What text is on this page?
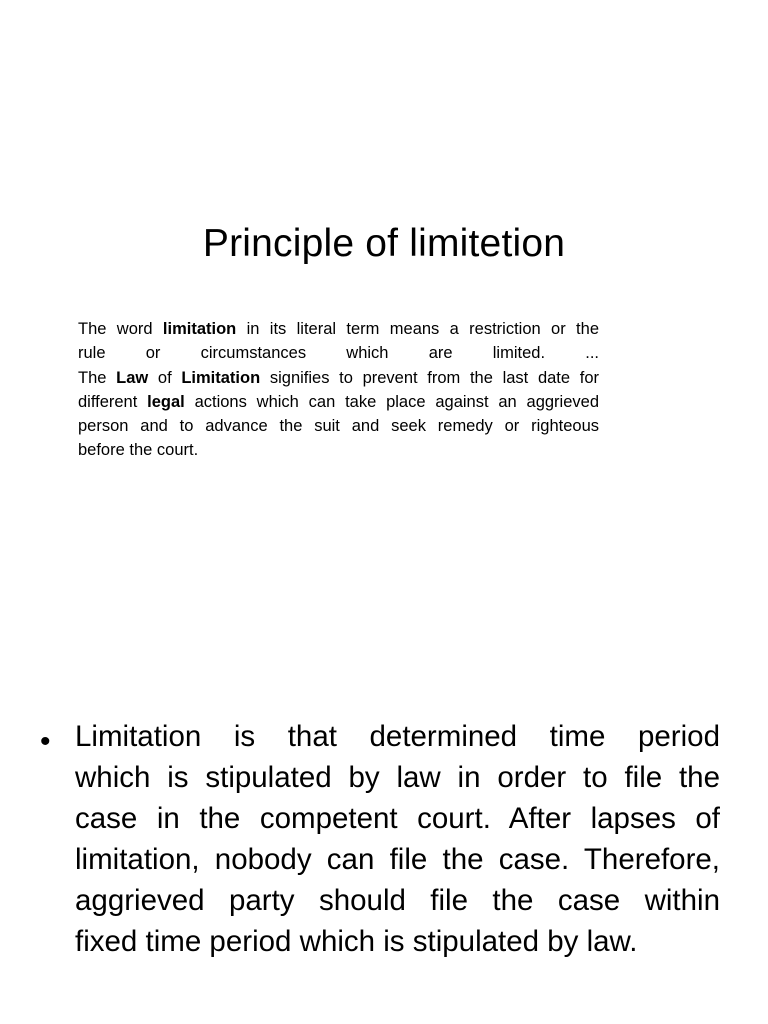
Principle of limitetion
The word limitation in its literal term means a restriction or the
rule or circumstances which are limited. ...
The Law of Limitation signifies to prevent from the last date for
different legal actions which can take place against an aggrieved
person and to advance the suit and seek remedy or righteous
before the court.
• Limitation is that determined time period
which is stipulated by law in order to file the
case in the competent court. After lapses of
limitation, nobody can file the case. Therefore,
aggrieved party should file the case within
fixed time period which is stipulated by law.
